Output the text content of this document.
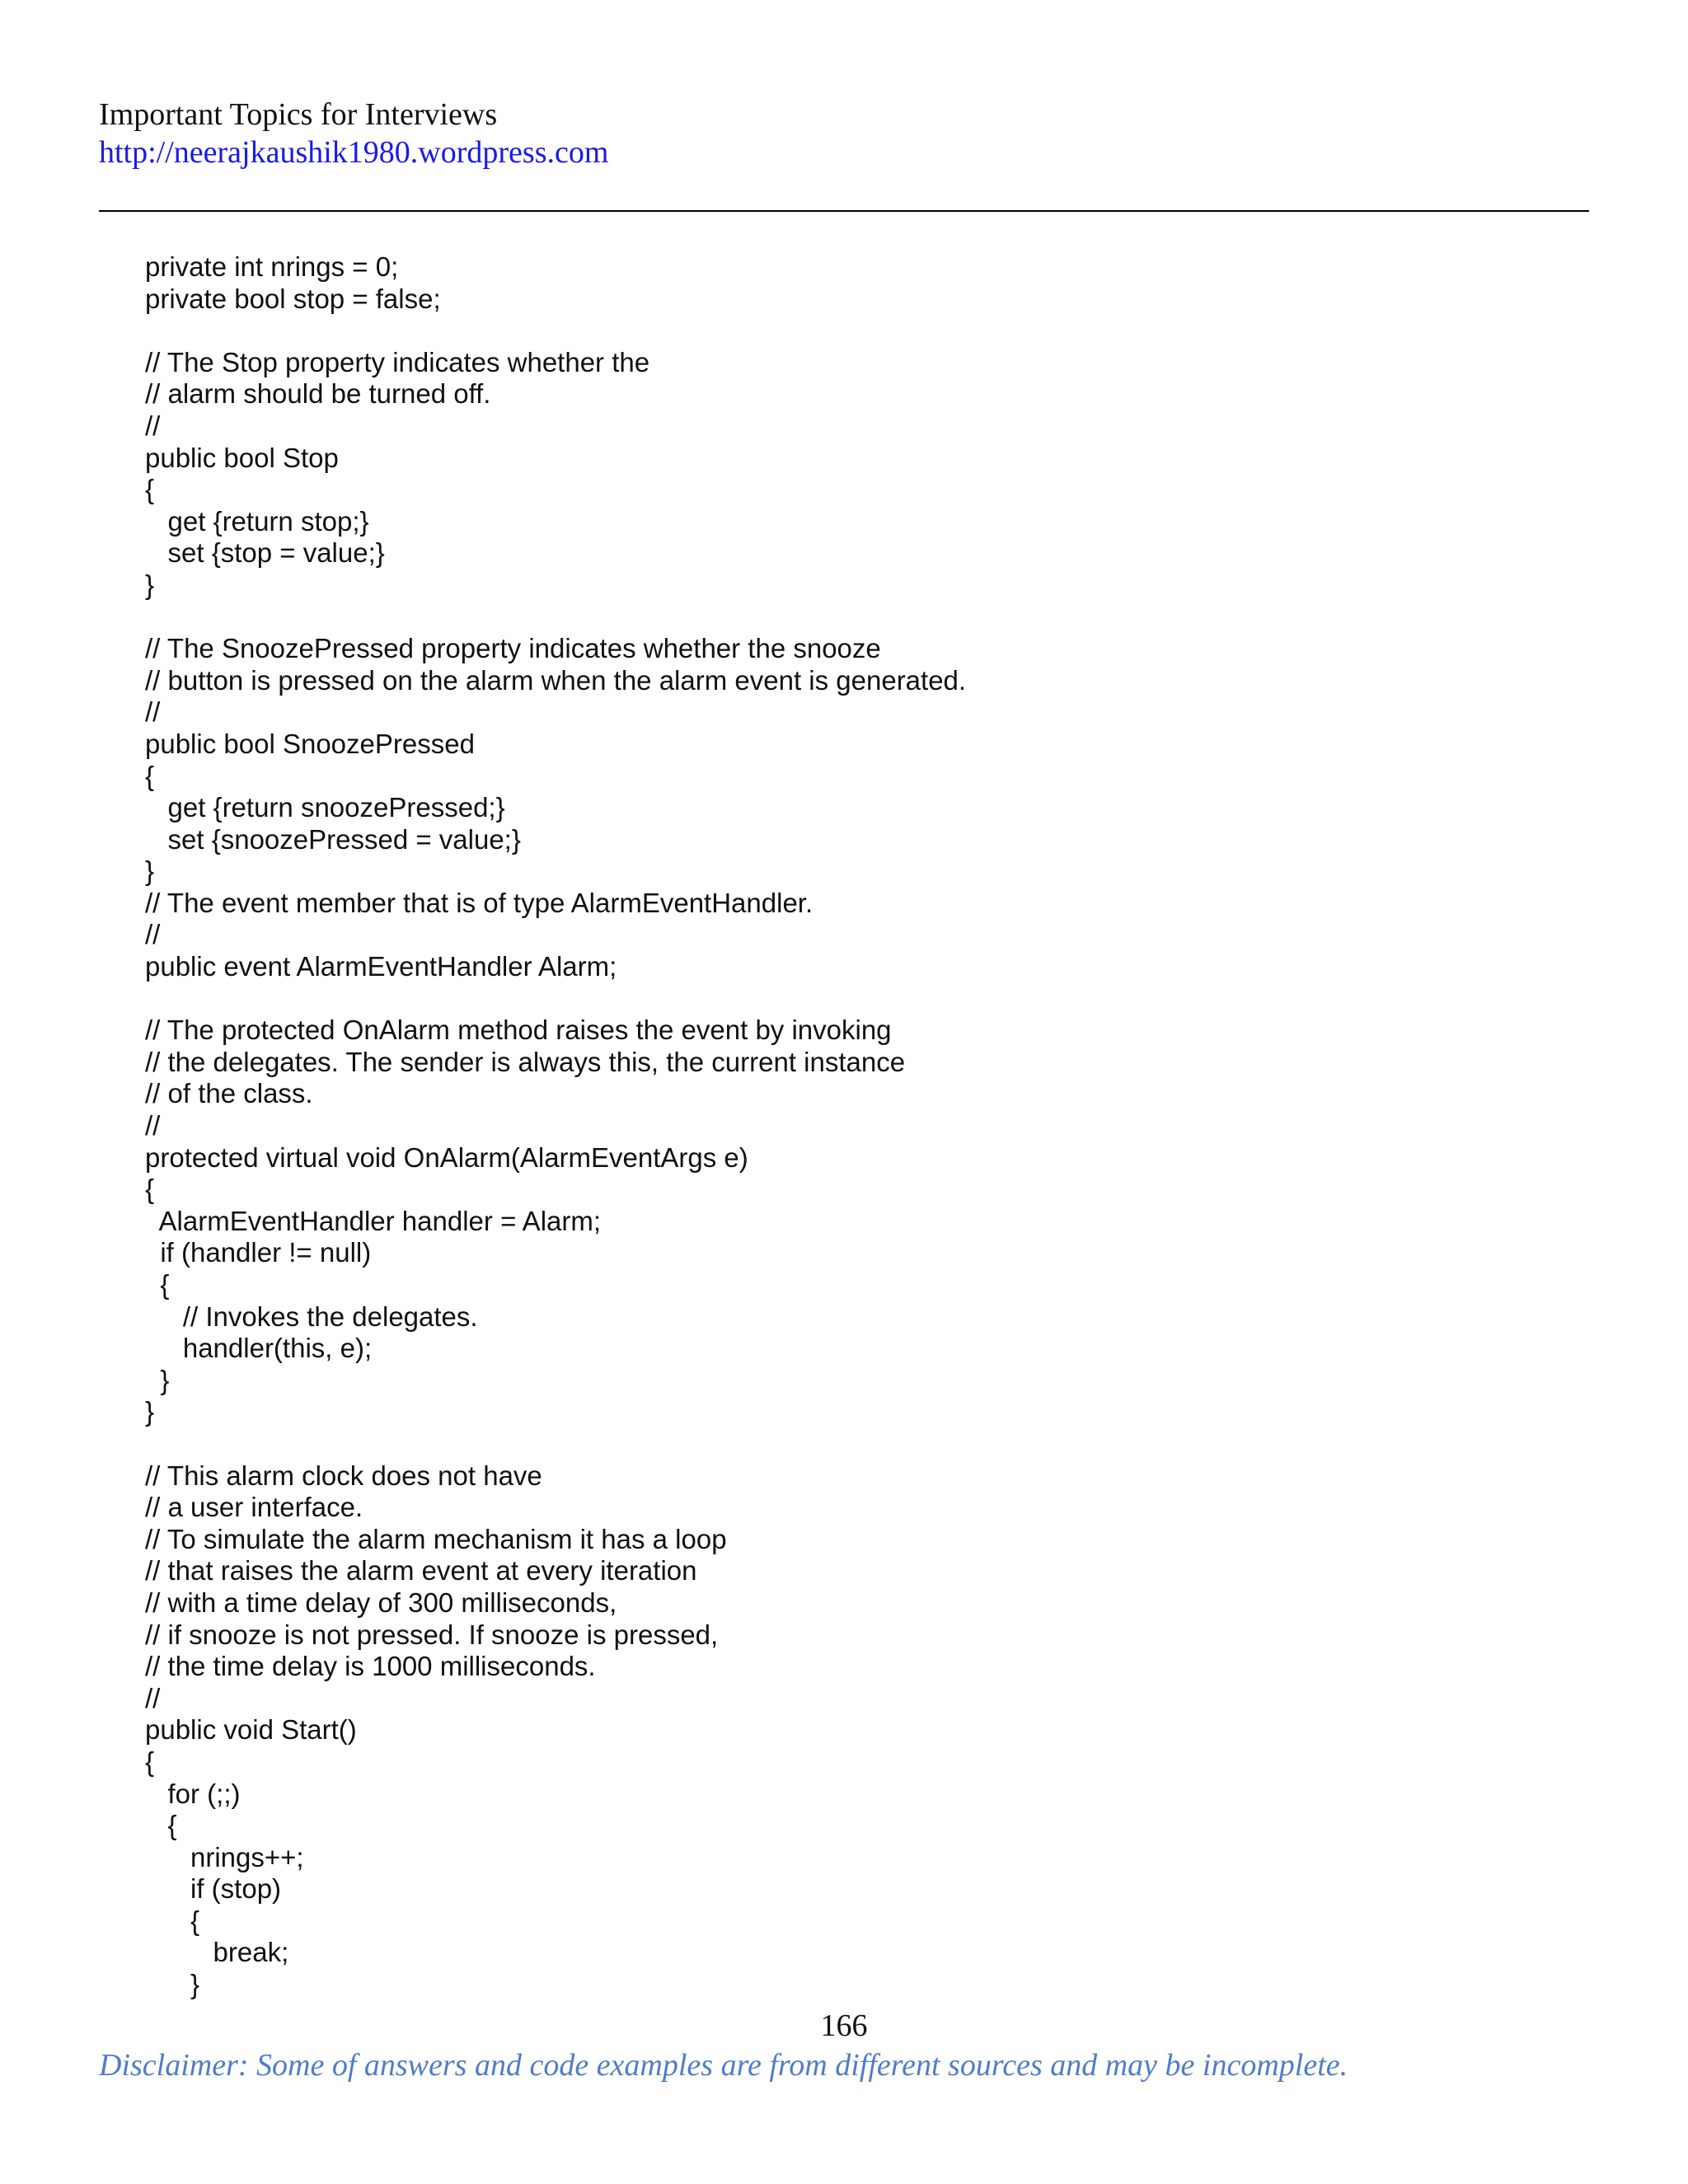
Important Topics for Interviews
http://neerajkaushik1980.wordpress.com
private int nrings = 0;
private bool stop = false;

// The Stop property indicates whether the
// alarm should be turned off.
//
public bool Stop
{
get {return stop;}
set {stop = value;}
}

// The SnoozePressed property indicates whether the snooze
// button is pressed on the alarm when the alarm event is generated.
//
public bool SnoozePressed
{
get {return snoozePressed;}
set {snoozePressed = value;}
}
// The event member that is of type AlarmEventHandler.
//
public event AlarmEventHandler Alarm;

// The protected OnAlarm method raises the event by invoking
// the delegates. The sender is always this, the current instance
// of the class.
//
protected virtual void OnAlarm(AlarmEventArgs e)
{
AlarmEventHandler handler = Alarm;
if (handler != null)
{
// Invokes the delegates.
handler(this, e);
}
}

// This alarm clock does not have
// a user interface.
// To simulate the alarm mechanism it has a loop
// that raises the alarm event at every iteration
// with a time delay of 300 milliseconds,
// if snooze is not pressed. If snooze is pressed,
// the time delay is 1000 milliseconds.
//
public void Start()
{
for (;;)
{
nrings++;
if (stop)
{
break;
}
166
Disclaimer: Some of answers and code examples are from different sources and may be incomplete.
